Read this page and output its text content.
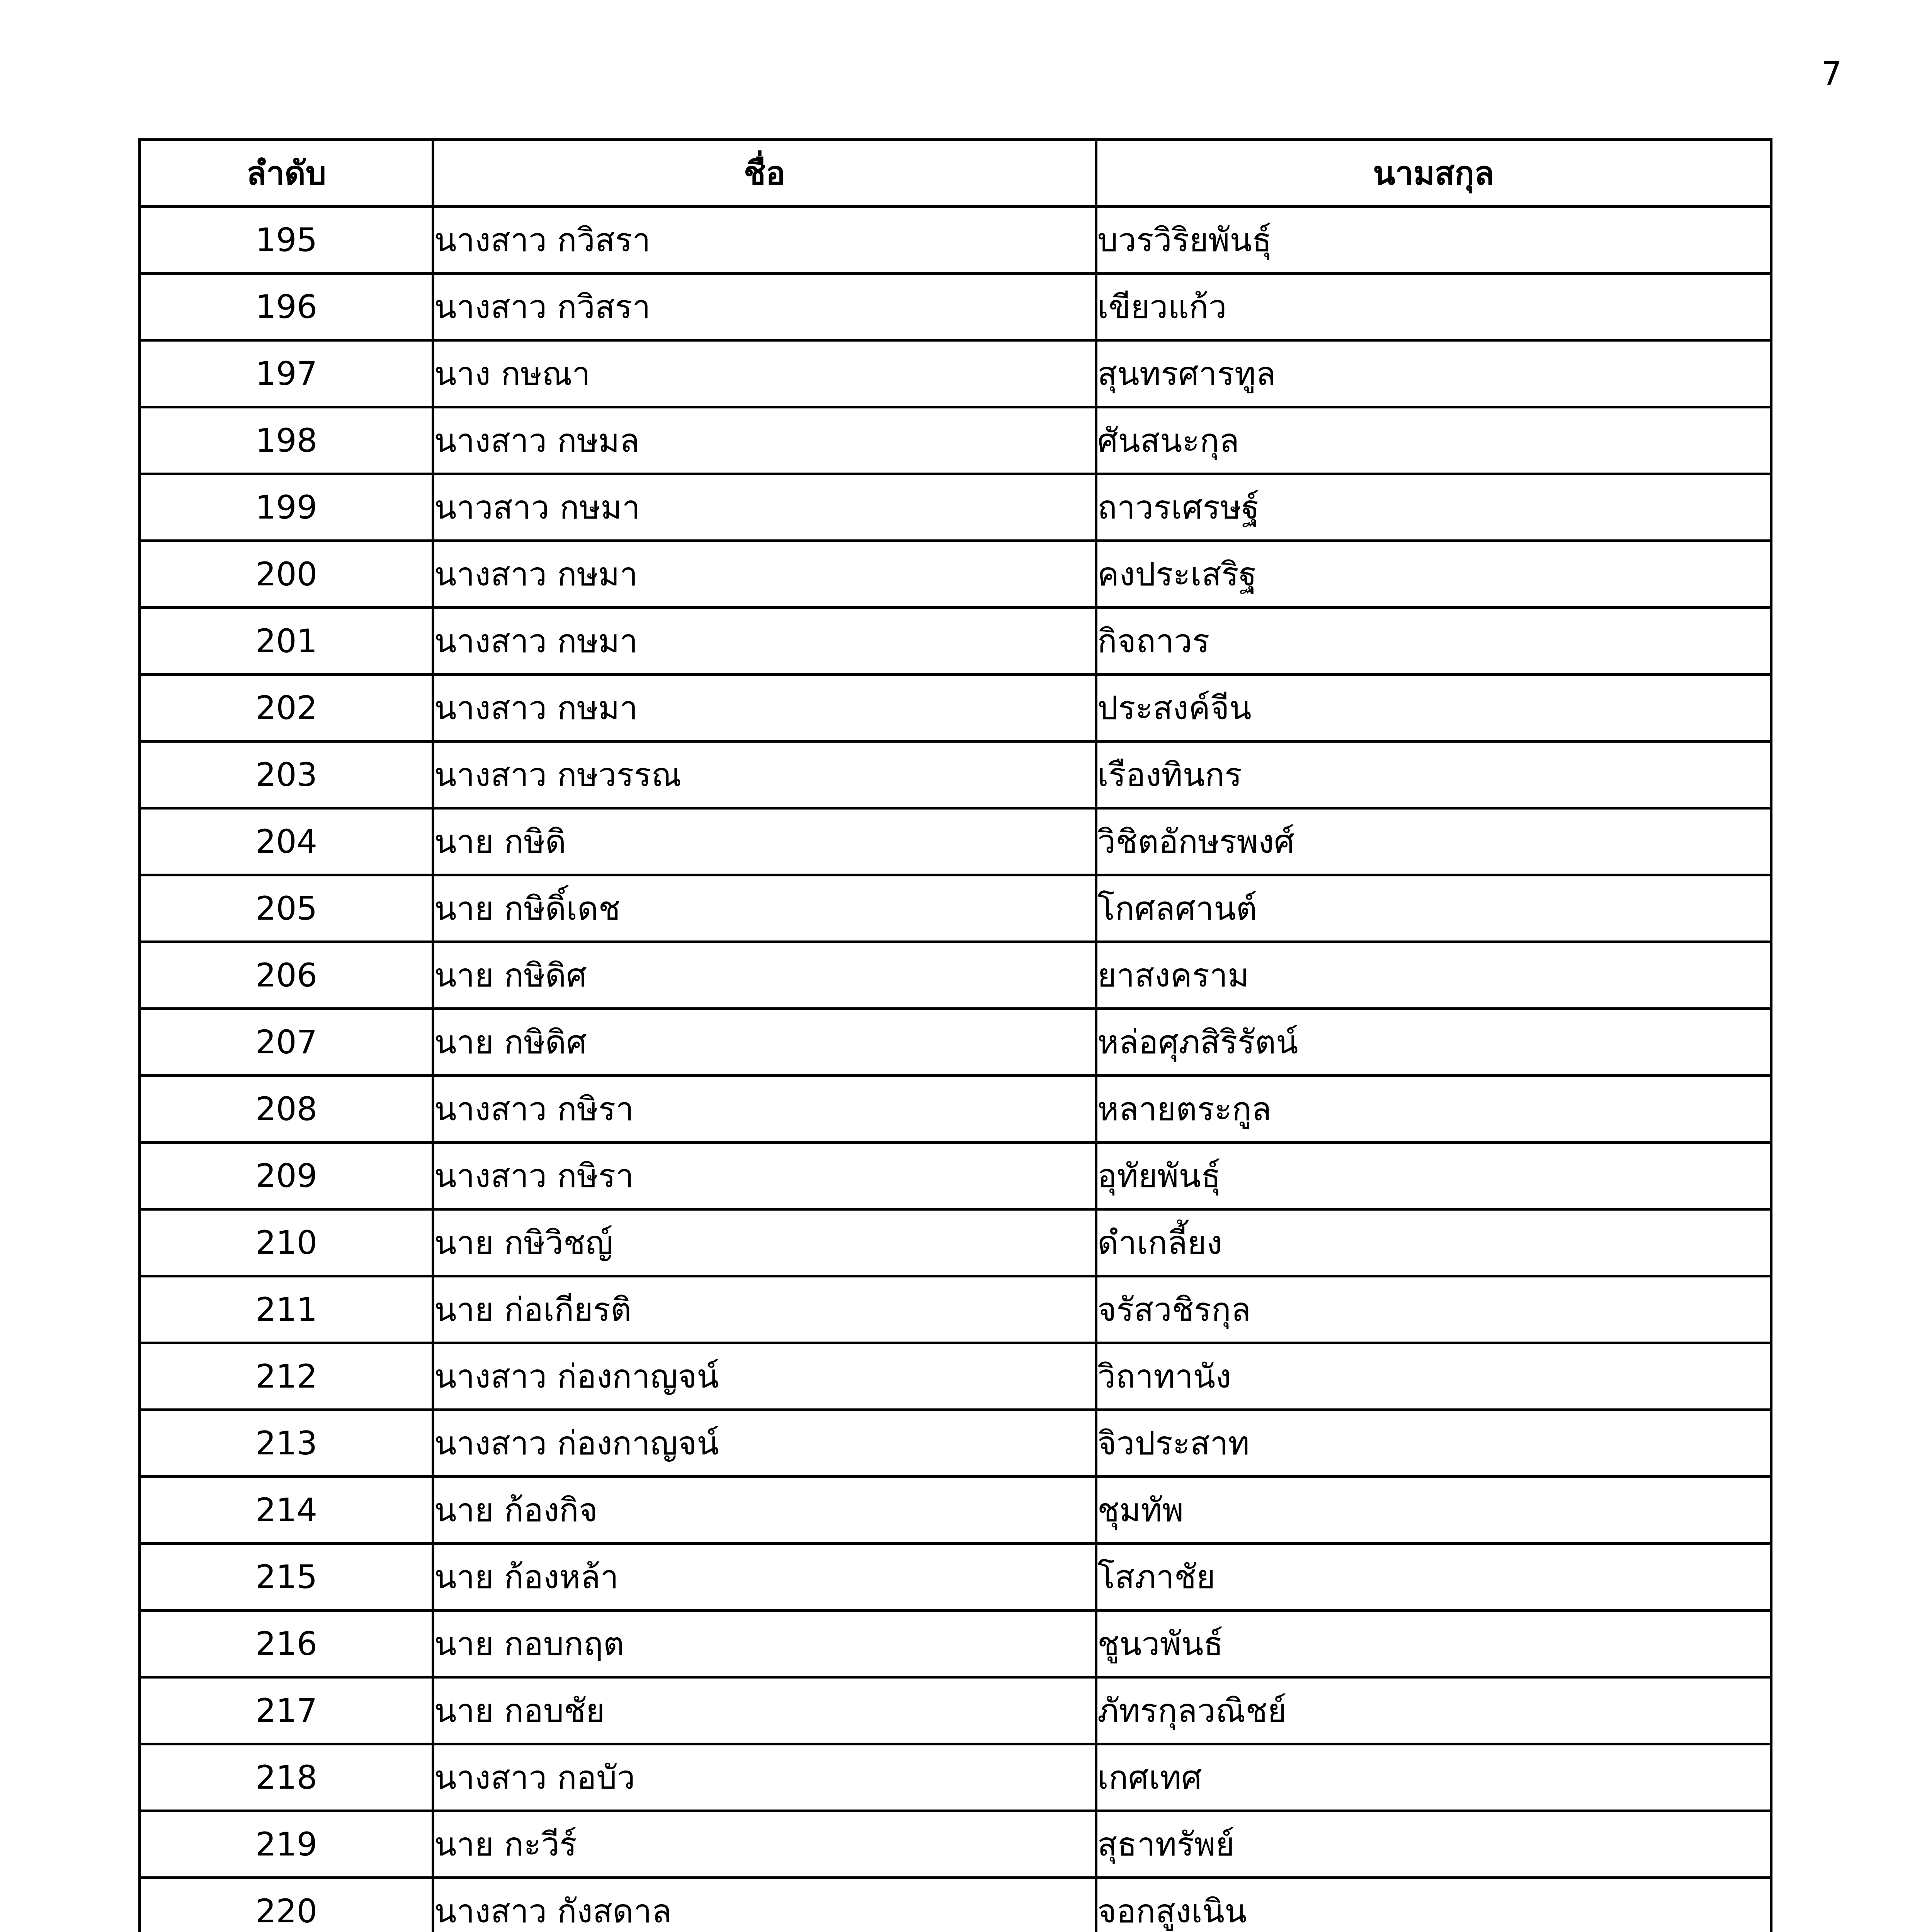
7
ลำดับ	ชื่อ	นามสกุล
195	นางสาว กวิสรา	บวรวิริยพันธุ์
196	นางสาว กวิสรา	เขียวแก้ว
197	นาง กษณา	สุนทรศารทูล
198	นางสาว กษมล	ศันสนะกุล
199	นาวสาว กษมา	ถาวรเศรษฐ์
200	นางสาว กษมา	คงประเสริฐ
201	นางสาว กษมา	กิจถาวร
202	นางสาว กษมา	ประสงค์จีน
203	นางสาว กษวรรณ	เรืองทินกร
204	นาย กษิดิ	วิชิตอักษรพงศ์
205	นาย กษิดิ์เดช	โกศลศานต์
206	นาย กษิดิศ	ยาสงคราม
207	นาย กษิดิศ	หล่อศุภสิริรัตน์
208	นางสาว กษิรา	หลายตระกูล
209	นางสาว กษิรา	อุทัยพันธุ์
210	นาย กษิวิชญ์	ดำเกลี้ยง
211	นาย ก่อเกียรติ	จรัสวชิรกุล
212	นางสาว ก่องกาญจน์	วิถาทานัง
213	นางสาว ก่องกาญจน์	จิวประสาท
214	นาย ก้องกิจ	ชุมทัพ
215	นาย ก้องหล้า	โสภาชัย
216	นาย กอบกฤต	ชูนวพันธ์
217	นาย กอบชัย	ภัทรกุลวณิชย์
218	นางสาว กอบัว	เกศเทศ
219	นาย กะวีร์	สุธาทรัพย์
220	นางสาว กังสดาล	จอกสูงเนิน
